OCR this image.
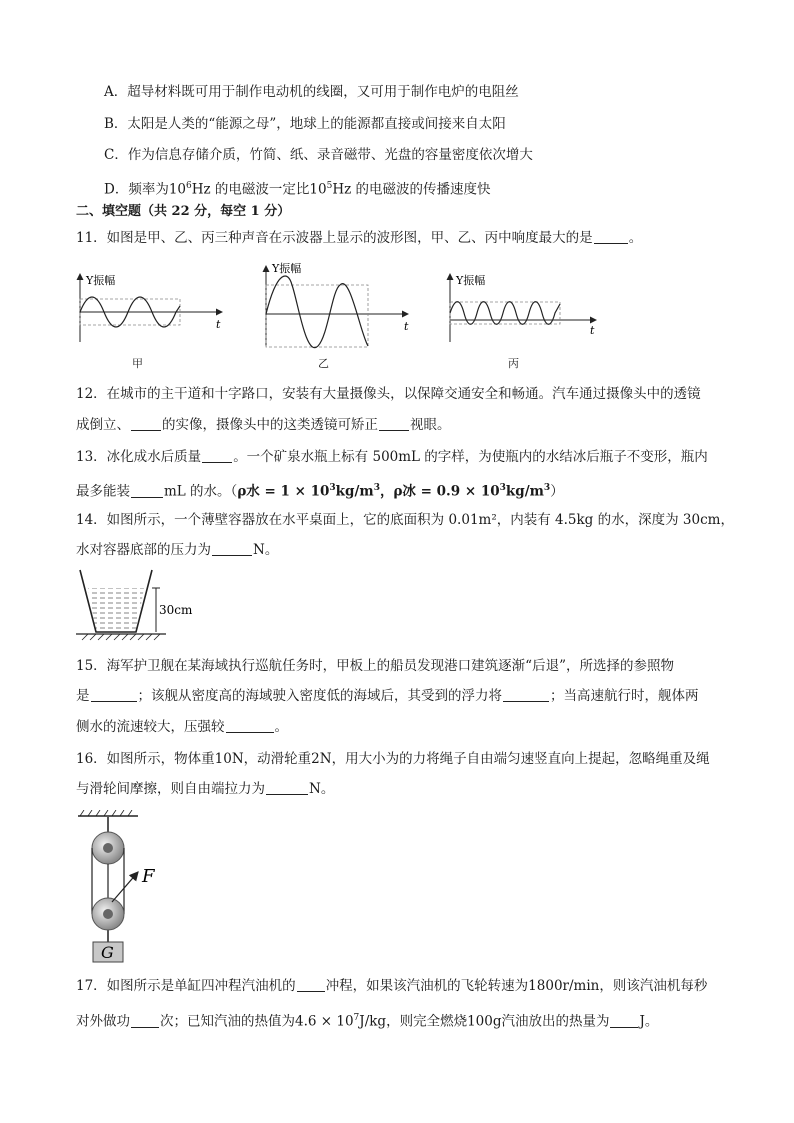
A．超导材料既可用于制作电动机的线圈，又可用于制作电炉的电阻丝
B．太阳是人类的“能源之母”，地球上的能源都直接或间接来自太阳
C．作为信息存储介质，竹简、纸、录音磁带、光盘的容量密度依次增大
D．频率为$10^6Hz$ 的电磁波一定比$10^5Hz$ 的电磁波的传播速度快
二、填空题（共 22 分，每空 1 分）
11．如图是甲、乙、丙三种声音在示波器上显示的波形图，甲、乙、丙中响度最大的是	。
Y振幅
t
Y振幅
t
Y振幅
t
甲	乙	丙
12．在城市的主干道和十字路口，安装有大量摄像头，以保障交通安全和畅通。汽车通过摄像头中的透镜
成倒立、 的实像，摄像头中的这类透镜可矫正 视眼。
13．冰化成水后质量 。一个矿泉水瓶上标有 500mL 的字样，为使瓶内的水结冰后瓶子不变形，瓶内
最多能装	mL 的水。（ρ水 = $1 \times 10^3kg/m^3$，ρ冰 = $0.9 \times 10^3kg/m^3$）
14．如图所示，一个薄壁容器放在水平桌面上，它的底面积为 0.01m²，内装有 4.5kg 的水，深度为 30cm，
水对容器底部的压力为	N。
30cm
15．海军护卫舰在某海域执行巡航任务时，甲板上的船员发现港口建筑逐渐“后退”，所选择的参照物
是	；该舰从密度高的海域驶入密度低的海域后，其受到的浮力将	；当高速航行时，舰体两
侧水的流速较大，压强较	。
16．如图所示，物体重10N，动滑轮重2N，用大小为的力将绳子自由端匀速竖直向上提起，忽略绳重及绳
与滑轮间摩擦，则自由端拉力为	N。
F
G
17．如图所示是单缸四冲程汽油机的 冲程，如果该汽油机的飞轮转速为1800r/min，则该汽油机每秒
对外做功 次；已知汽油的热值为$4.6 \times 10^7J/kg$，则完全燃烧100g汽油放出的热量为 J。
